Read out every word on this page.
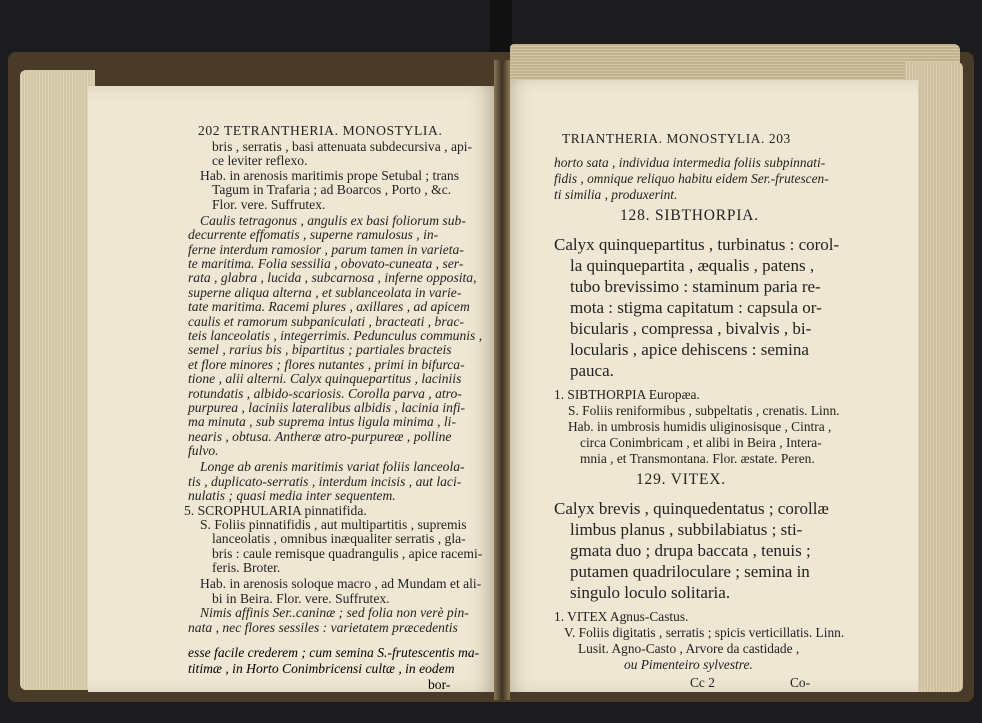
202 TETRANTHERIA. MONOSTYLIA.
bris , serratis , basi attenuata subdecursiva , api-
ce leviter reflexo.
Hab. in arenosis maritimis prope Setubal ; trans
Tagum in Trafaria ; ad Boarcos , Porto , &c.
Flor. vere. Suffrutex.
Caulis tetragonus , angulis ex basi foliorum sub-
decurrente effomatis , superne ramulosus , in-
ferne interdum ramosior , parum tamen in varieta-
te maritima. Folia sessilia , obovato-cuneata , ser-
rata , glabra , lucida , subcarnosa , inferne opposita,
superne aliqua alterna , et sublanceolata in varie-
tate maritima. Racemi plures , axillares , ad apicem
caulis et ramorum subpaniculati , bracteati , brac-
teis lanceolatis , integerrimis. Pedunculus communis ,
semel , rarius bis , bipartitus ; partiales bracteis
et flore minores ; flores nutantes , primi in bifurca-
tione , alii alterni. Calyx quinquepartitus , laciniis
rotundatis , albido-scariosis. Corolla parva , atro-
purpurea , laciniis lateralibus albidis , lacinia infi-
ma minuta , sub suprema intus ligula minima , li-
nearis , obtusa. Antheræ atro-purpureæ , polline
fulvo.
Longe ab arenis maritimis variat foliis lanceola-
tis , duplicato-serratis , interdum incisis , aut laci-
nulatis ; quasi media inter sequentem.
5. SCROPHULARIA pinnatifida.
S. Foliis pinnatifidis , aut multipartitis , supremis
lanceolatis , omnibus inæqualiter serratis , gla-
bris : caule remisque quadrangulis , apice racemi-
feris. Broter.
Hab. in arenosis soloque macro , ad Mundam et ali-
bi in Beira. Flor. vere. Suffrutex.
Nimis affinis Ser..caninæ ; sed folia non verè pin-
nata , nec flores sessiles : varietatem præcedentis
TRIANTHERIA. MONOSTYLIA. 203
horto sata , individua intermedia foliis subpinnati-
fidis , omnique reliquo habitu eidem Ser.-frutescen-
ti similia , produxerint.
128. SIBTHORPIA.
Calyx quinquepartitus , turbinatus : corol-
la quinquepartita , æqualis , patens ,
tubo brevissimo : staminum paria re-
mota : stigma capitatum : capsula or-
bicularis , compressa , bivalvis , bi-
locularis , apice dehiscens : semina
pauca.
1. SIBTHORPIA Europæa.
S. Foliis reniformibus , subpeltatis , crenatis. Linn.
Hab. in umbrosis humidis uliginosisque , Cintra ,
circa Conimbricam , et alibi in Beira , Intera-
mnia , et Transmontana. Flor. æstate. Peren.
129. VITEX.
Calyx brevis , quinquedentatus ; corollæ
limbus planus , subbilabiatus ; sti-
gmata duo ; drupa baccata , tenuis ;
putamen quadriloculare ; semina in
singulo loculo solitaria.
1. VITEX Agnus-Castus.
V. Foliis digitatis , serratis ; spicis verticillatis. Linn.
Lusit. Agno-Casto , Arvore da castidade ,
ou Pimenteiro sylvestre.
Cc 2	Co-
bor-
esse facile crederem ; cum semina S.-frutescentis ma-
titimæ , in Horto Conimbricensi cultæ , in eodem
